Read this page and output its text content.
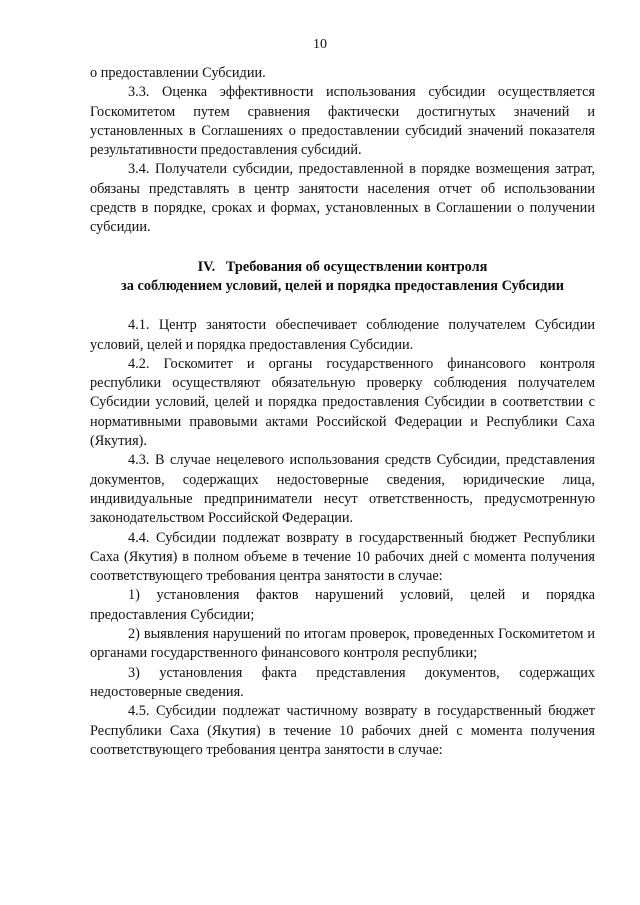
10

о предоставлении Субсидии.

3.3. Оценка эффективности использования субсидии осуществляется Госкомитетом путем сравнения фактически достигнутых значений и установленных в Соглашениях о предоставлении субсидий значений показателя результативности предоставления субсидий.

3.4. Получатели субсидии, предоставленной в порядке возмещения затрат, обязаны представлять в центр занятости населения отчет об использовании средств в порядке, сроках и формах, установленных в Соглашении о получении субсидии.

IV.   Требования об осуществлении контроля

за соблюдением условий, целей и порядка предоставления Субсидии

4.1. Центр занятости обеспечивает соблюдение получателем Субсидии условий, целей и порядка предоставления Субсидии.

4.2. Госкомитет и органы государственного финансового контроля республики осуществляют обязательную проверку соблюдения получателем Субсидии условий, целей и порядка предоставления Субсидии в соответствии с нормативными правовыми актами Российской Федерации и Республики Саха (Якутия).

4.3. В случае нецелевого использования средств Субсидии, представления документов, содержащих недостоверные сведения, юридические лица, индивидуальные предприниматели несут ответственность, предусмотренную законодательством Российской Федерации.

4.4. Субсидии подлежат возврату в государственный бюджет Республики Саха (Якутия) в полном объеме в течение 10 рабочих дней с момента получения соответствующего требования центра занятости в случае:

1) установления фактов нарушений условий, целей и порядка предоставления Субсидии;

2) выявления нарушений по итогам проверок, проведенных Госкомитетом и органами государственного финансового контроля республики;

3) установления факта представления документов, содержащих недостоверные сведения.

4.5. Субсидии подлежат частичному возврату в государственный бюджет Республики Саха (Якутия) в течение 10 рабочих дней с момента получения соответствующего требования центра занятости в случае:
